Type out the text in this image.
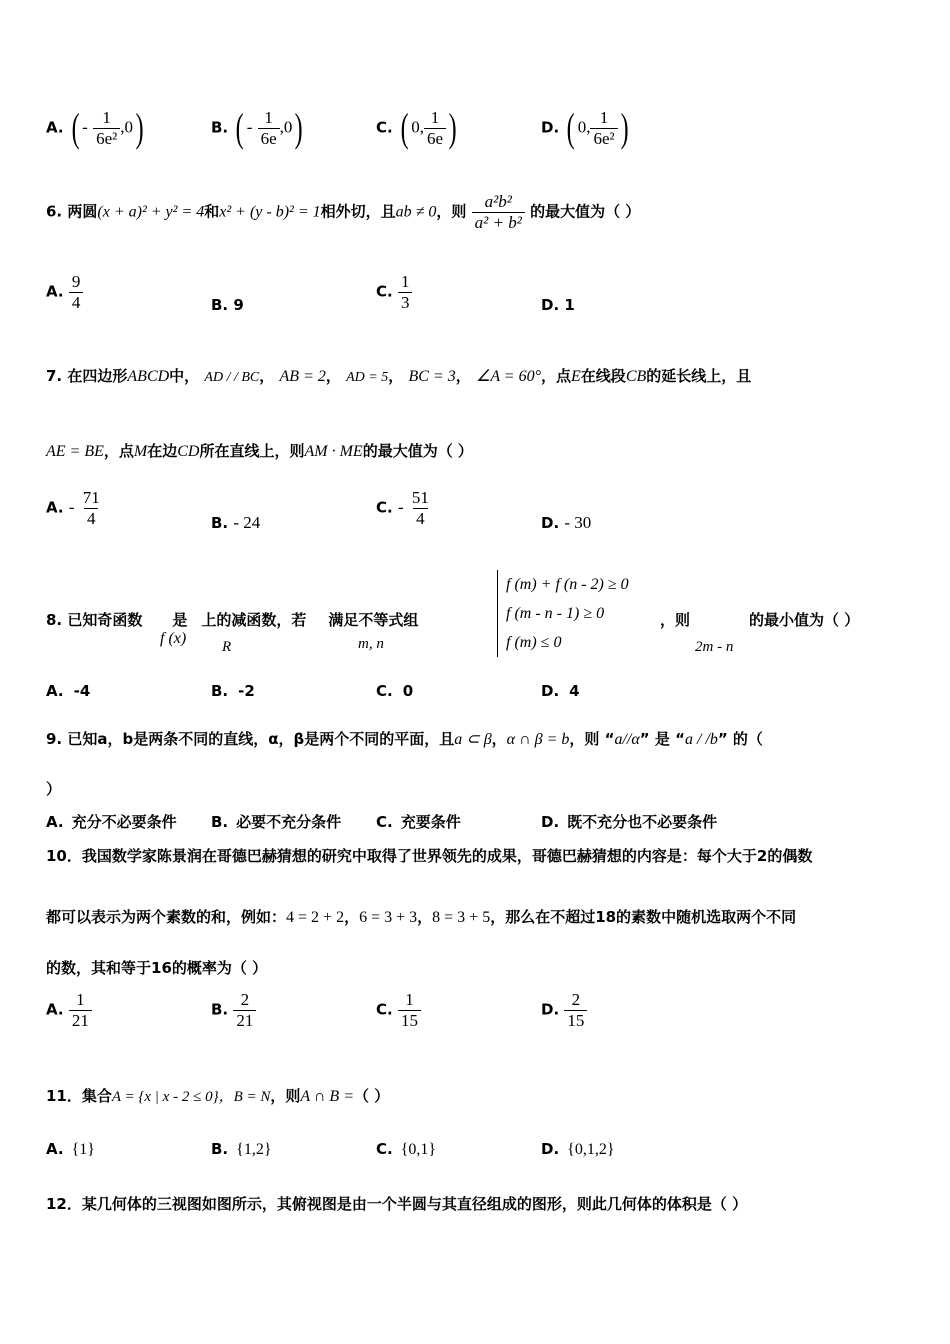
A. ( - $\frac{1}{\text{6e²}} ,0$)	B. ( - $\frac{1}{6e} ,0$)	C. ( 0, $\frac{1}{6e}$ )	D. ( 0, $\frac{1}{\text{6e²}}$ )
6. 两圆(x + a)² + y² = 4和x² + (y - b)² = 1相外切，且ab ≠ 0，则 $\frac{\text{a²b²}}{\text{a² + b²}}$ 的最大值为（ ）
A. $\frac{9}{4}$	B. 9
C. $\frac{1}{3}$	D. 1
7. 在四边形ABCD中， AD / / BC， AB = 2， AD = 5， BC = 3， ∠A = 60°，点E在线段CB的延长线上，且
AE = BE，点M在边CD所在直线上，则AM · ME的最大值为（ ）
A. - $\frac{71}{4}$	B. - 24
C. - $\frac{51}{4}$	D. - 30
8. 已知奇函数 是 上的减函数，若 满足不等式组
f (x) R	m, n
f (m) + f (n - 2) ≥ 0
f (m - n - 1) ≥ 0
f (m) ≤ 0
，则
2m - n
的最小值为（ ）
A. -4	B. -2	C. 0	D. 4
9. 已知a，b是两条不同的直线，α，β是两个不同的平面，且a ⊂ β，α ∩ β = b，则 “a//α” 是 “a / /b” 的（
）
A. 充分不必要条件 B. 必要不充分条件 C. 充要条件	D. 既不充分也不必要条件
10．我国数学家陈景润在哥德巴赫猜想的研究中取得了世界领先的成果，哥德巴赫猜想的内容是：每个大于2的偶数
都可以表示为两个素数的和，例如：4 = 2 + 2，6 = 3 + 3，8 = 3 + 5，那么在不超过18的素数中随机选取两个不同
的数，其和等于16的概率为（ ）
A. $\frac{1}{21}$	B. $\frac{2}{21}$	C. $\frac{1}{15}$	D. $\frac{2}{15}$
11．集合A = {x | x - 2 ≤ 0}，B = N，则A ∩ B =（ ）
A. {1}	B. {1,2}	C. {0,1}	D. {0,1,2}
12．某几何体的三视图如图所示，其俯视图是由一个半圆与其直径组成的图形，则此几何体的体积是（ ）
